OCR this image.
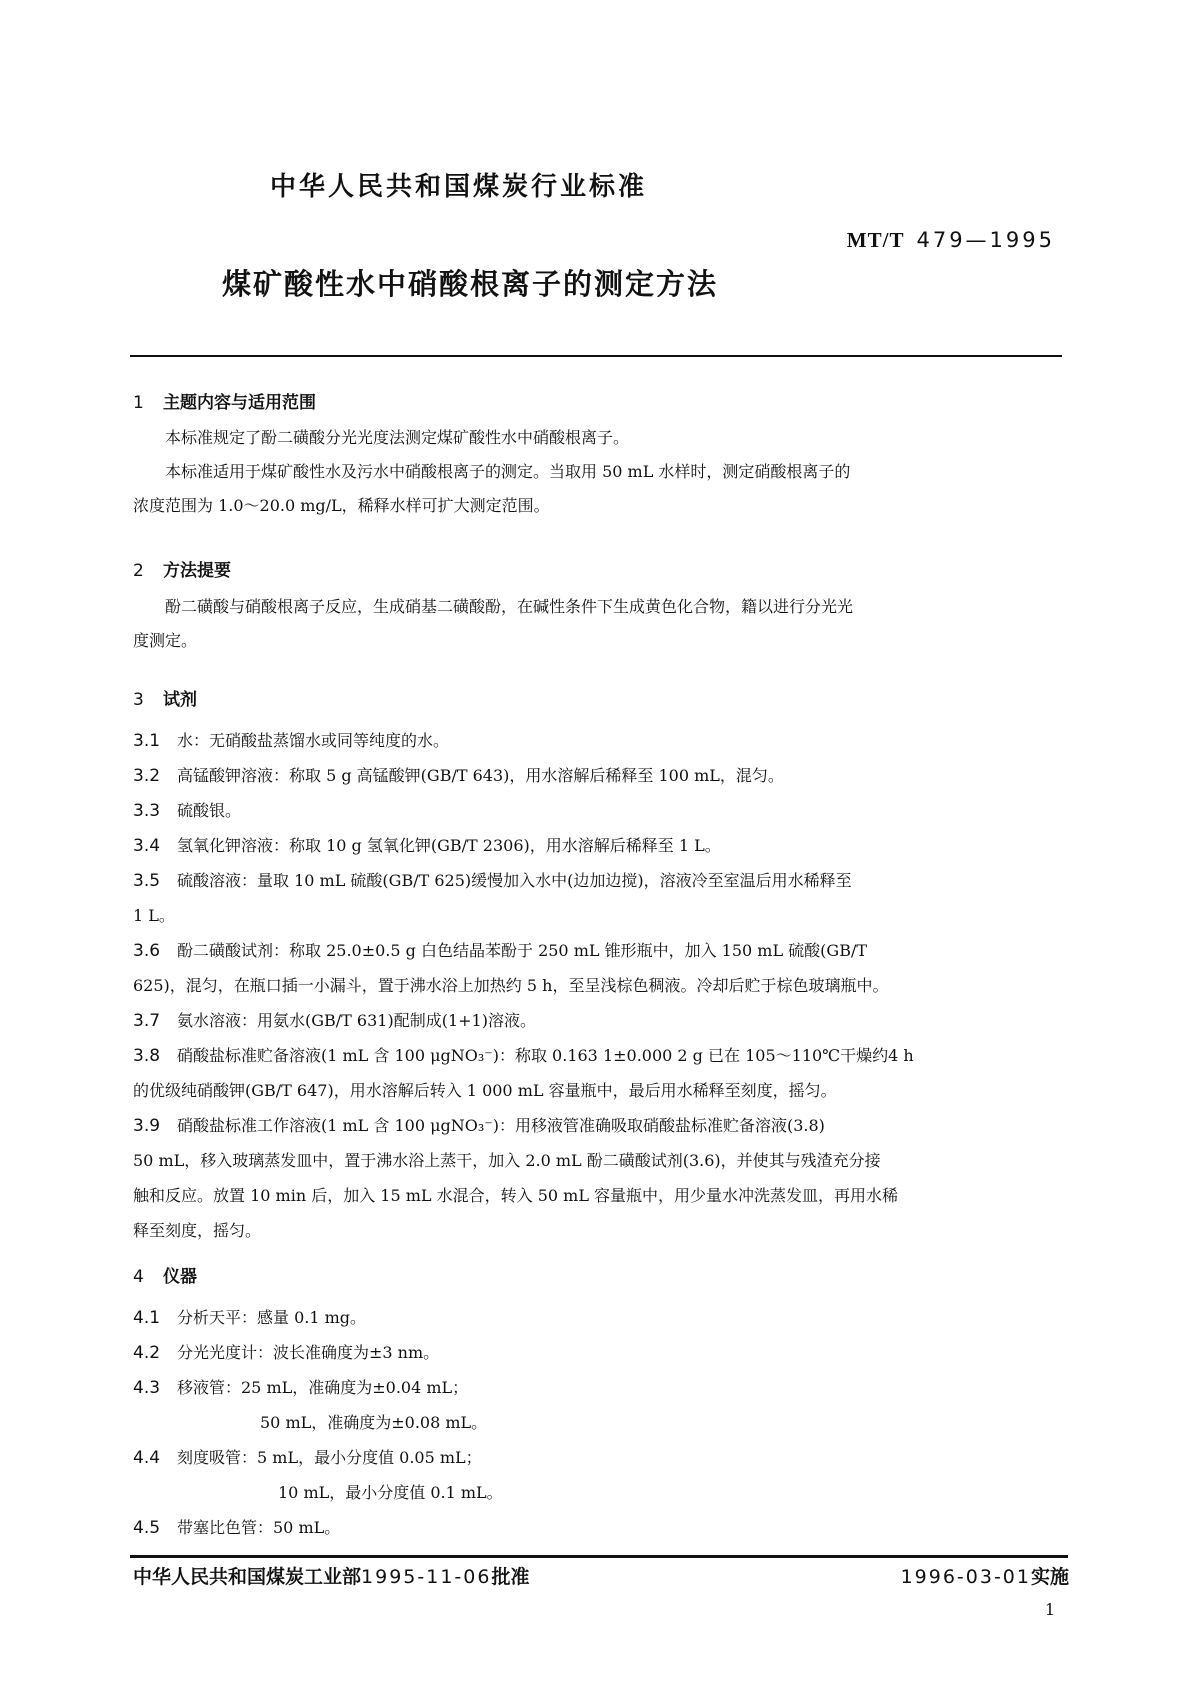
中华人民共和国煤炭行业标准
MT/T 479—1995
煤矿酸性水中硝酸根离子的测定方法
1 主题内容与适用范围
本标准规定了酚二磺酸分光光度法测定煤矿酸性水中硝酸根离子。
本标准适用于煤矿酸性水及污水中硝酸根离子的测定。当取用 50 mL 水样时，测定硝酸根离子的
浓度范围为 1.0～20.0 mg/L，稀释水样可扩大测定范围。
2 方法提要
酚二磺酸与硝酸根离子反应，生成硝基二磺酸酚，在碱性条件下生成黄色化合物，籍以进行分光光
度测定。
3 试剂
3.1 水：无硝酸盐蒸馏水或同等纯度的水。
3.2 高锰酸钾溶液：称取 5 g 高锰酸钾(GB/T 643)，用水溶解后稀释至 100 mL，混匀。
3.3 硫酸银。
3.4 氢氧化钾溶液：称取 10 g 氢氧化钾(GB/T 2306)，用水溶解后稀释至 1 L。
3.5 硫酸溶液：量取 10 mL 硫酸(GB/T 625)缓慢加入水中(边加边搅)，溶液冷至室温后用水稀释至
1 L。
3.6 酚二磺酸试剂：称取 25.0±0.5 g 白色结晶苯酚于 250 mL 锥形瓶中，加入 150 mL 硫酸(GB/T
625)，混匀，在瓶口插一小漏斗，置于沸水浴上加热约 5 h，至呈浅棕色稠液。冷却后贮于棕色玻璃瓶中。
3.7 氨水溶液：用氨水(GB/T 631)配制成(1+1)溶液。
3.8 硝酸盐标准贮备溶液(1 mL 含 100 μgNO₃⁻)：称取 0.163 1±0.000 2 g 已在 105～110℃干燥约4 h
的优级纯硝酸钾(GB/T 647)，用水溶解后转入 1 000 mL 容量瓶中，最后用水稀释至刻度，摇匀。
3.9 硝酸盐标准工作溶液(1 mL 含 100 μgNO₃⁻)：用移液管准确吸取硝酸盐标准贮备溶液(3.8)
50 mL，移入玻璃蒸发皿中，置于沸水浴上蒸干，加入 2.0 mL 酚二磺酸试剂(3.6)，并使其与残渣充分接
触和反应。放置 10 min 后，加入 15 mL 水混合，转入 50 mL 容量瓶中，用少量水冲洗蒸发皿，再用水稀
释至刻度，摇匀。
4 仪器
4.1 分析天平：感量 0.1 mg。
4.2 分光光度计：波长准确度为±3 nm。
4.3 移液管：25 mL，准确度为±0.04 mL；
50 mL，准确度为±0.08 mL。
4.4 刻度吸管：5 mL，最小分度值 0.05 mL；
10 mL，最小分度值 0.1 mL。
4.5 带塞比色管：50 mL。
中华人民共和国煤炭工业部1995-11-06批准	1996-03-01实施
1
